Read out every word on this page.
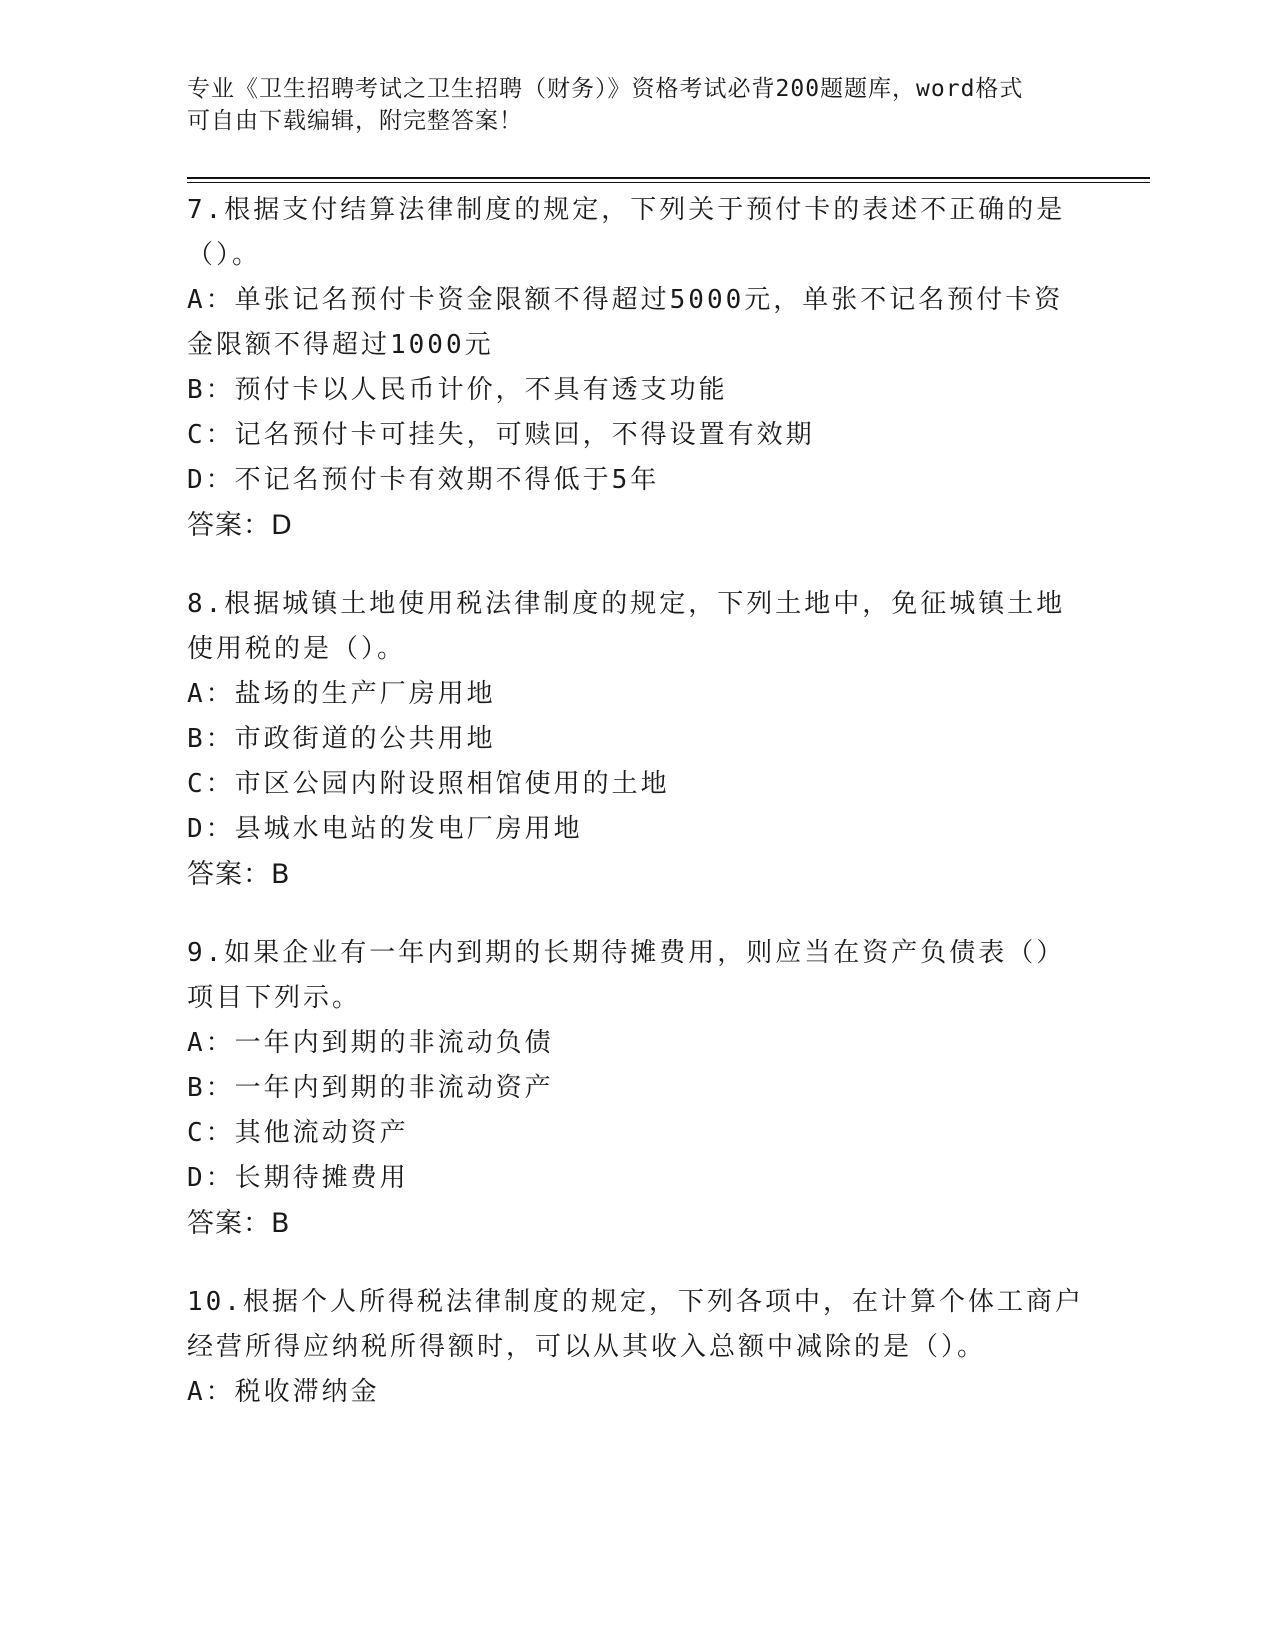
专业《卫生招聘考试之卫生招聘（财务）》资格考试必背200题题库，word格式
可自由下载编辑，附完整答案！
7.根据支付结算法律制度的规定，下列关于预付卡的表述不正确的是
（）。
A：单张记名预付卡资金限额不得超过5000元，单张不记名预付卡资
金限额不得超过1000元
B：预付卡以人民币计价，不具有透支功能
C：记名预付卡可挂失，可赎回，不得设置有效期
D：不记名预付卡有效期不得低于5年
答案：D
8.根据城镇土地使用税法律制度的规定，下列土地中，免征城镇土地
使用税的是（）。
A：盐场的生产厂房用地
B：市政街道的公共用地
C：市区公园内附设照相馆使用的土地
D：县城水电站的发电厂房用地
答案：B
9.如果企业有一年内到期的长期待摊费用，则应当在资产负债表（）
项目下列示。
A：一年内到期的非流动负债
B：一年内到期的非流动资产
C：其他流动资产
D：长期待摊费用
答案：B
10.根据个人所得税法律制度的规定，下列各项中，在计算个体工商户
经营所得应纳税所得额时，可以从其收入总额中减除的是（）。
A：税收滞纳金
